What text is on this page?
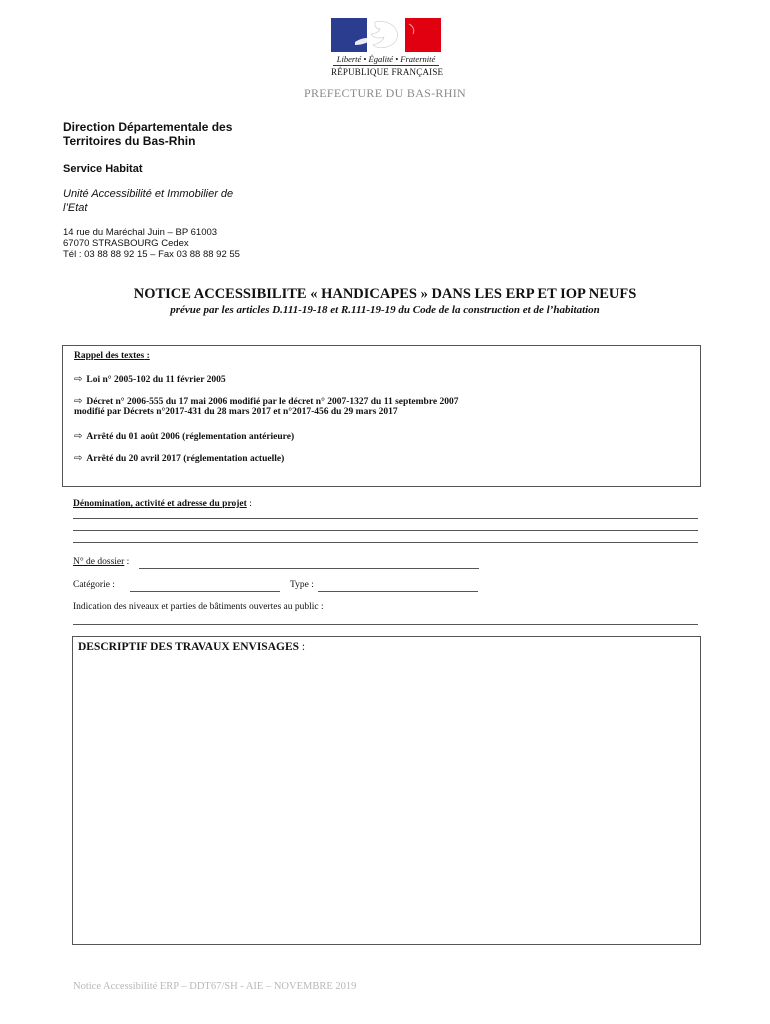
Liberté • Égalité • Fraternité
RÉPUBLIQUE FRANÇAISE
PREFECTURE DU BAS-RHIN
Direction Départementale des
Territoires du Bas-Rhin
Service Habitat
Unité Accessibilité et Immobilier de
l’Etat
14 rue du Maréchal Juin – BP 61003
67070 STRASBOURG Cedex
Tél : 03 88 88 92 15 – Fax 03 88 88 92 55
NOTICE ACCESSIBILITE « HANDICAPES » DANS LES ERP ET IOP NEUFS
prévue par les articles D.111-19-18 et R.111-19-19 du Code de la construction et de l’habitation
Rappel des textes :
⇨ Loi n° 2005-102 du 11 février 2005
⇨ Décret n° 2006-555 du 17 mai 2006 modifié par le décret n° 2007-1327 du 11 septembre 2007
modifié par Décrets n°2017-431 du 28 mars 2017 et n°2017-456 du 29 mars 2017
⇨ Arrêté du 01 août 2006 (réglementation antérieure)
⇨ Arrêté du 20 avril 2017 (réglementation actuelle)
Dénomination, activité et adresse du projet :
N° de dossier :
Catégorie :	Type :
Indication des niveaux et parties de bâtiments ouvertes au public :
DESCRIPTIF DES TRAVAUX ENVISAGES :
Notice Accessibilité ERP – DDT67/SH - AIE – NOVEMBRE 2019
